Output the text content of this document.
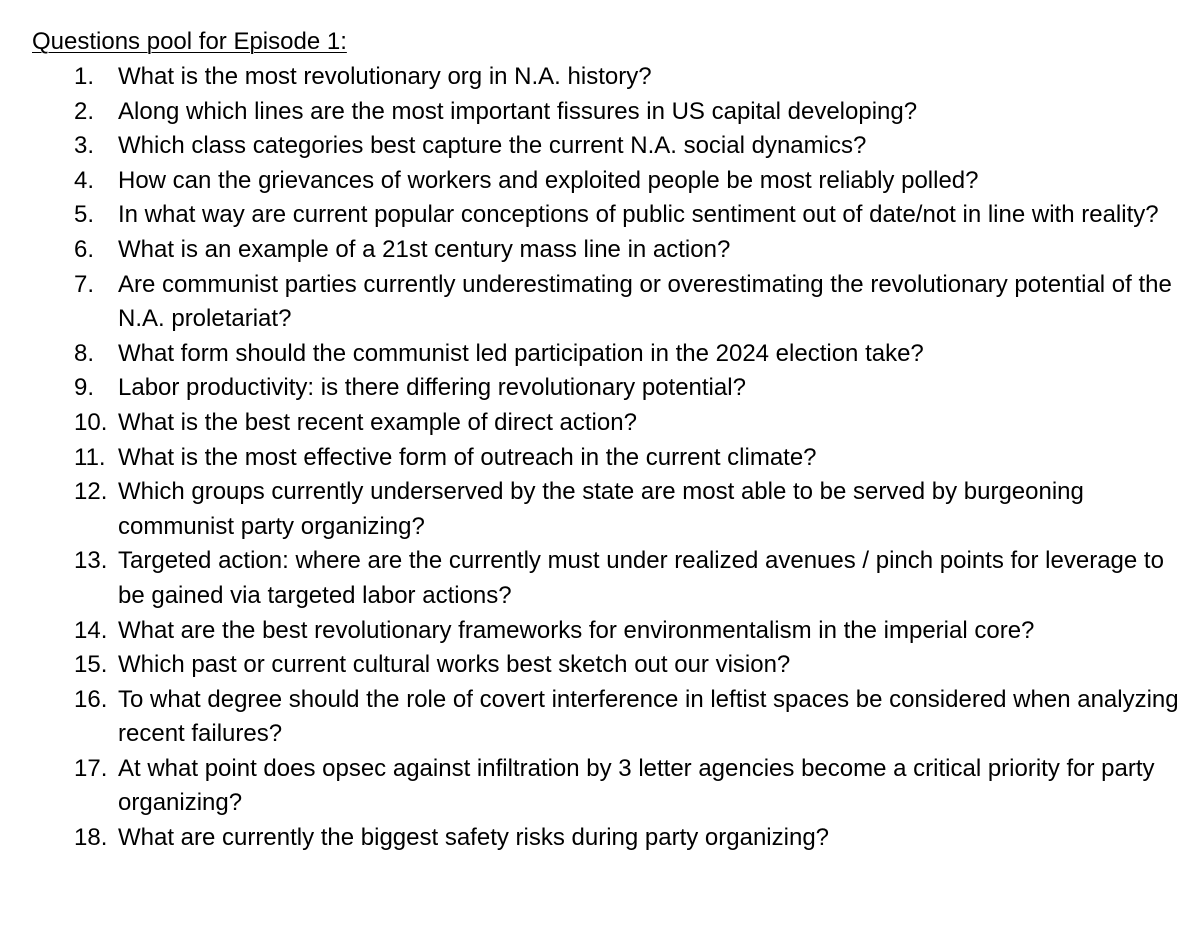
Questions pool for Episode 1:
1. What is the most revolutionary org in N.A. history?
2. Along which lines are the most important fissures in US capital developing?
3. Which class categories best capture the current N.A. social dynamics?
4. How can the grievances of workers and exploited people be most reliably polled?
5. In what way are current popular conceptions of public sentiment out of date/not in line with reality?
6. What is an example of a 21st century mass line in action?
7. Are communist parties currently underestimating or overestimating the revolutionary potential of the N.A. proletariat?
8. What form should the communist led participation in the 2024 election take?
9. Labor productivity: is there differing revolutionary potential?
10. What is the best recent example of direct action?
11. What is the most effective form of outreach in the current climate?
12. Which groups currently underserved by the state are most able to be served by burgeoning communist party organizing?
13. Targeted action: where are the currently must under realized avenues / pinch points for leverage to be gained via targeted labor actions?
14. What are the best revolutionary frameworks for environmentalism in the imperial core?
15. Which past or current cultural works best sketch out our vision?
16. To what degree should the role of covert interference in leftist spaces be considered when analyzing recent failures?
17. At what point does opsec against infiltration by 3 letter agencies become a critical priority for party organizing?
18. What are currently the biggest safety risks during party organizing?
